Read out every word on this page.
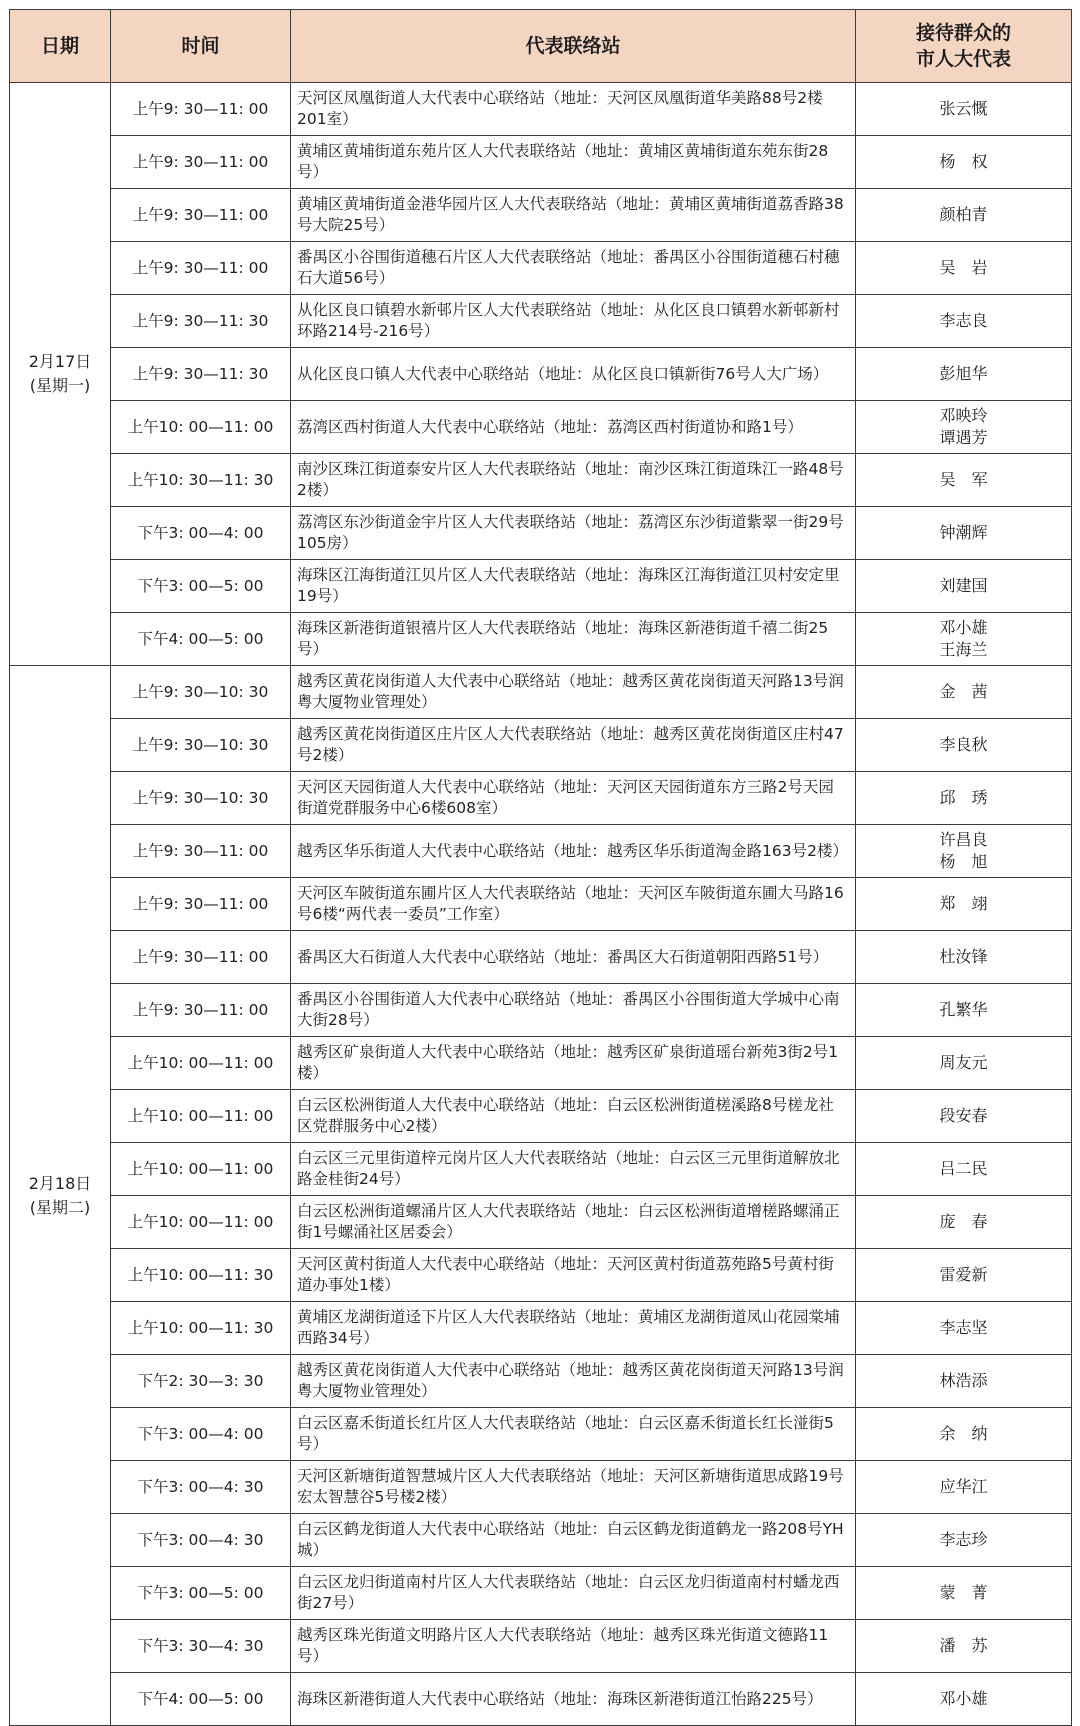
日期	时间	代表联络站	接待群众的
市人大代表
2月17日
(星期一)	上午9: 30—11: 00	天河区凤凰街道人大代表中心联络站（地址：天河区凤凰街道华美路88号2楼201室）	张云慨

	上午9: 30—11: 00	黄埔区黄埔街道东苑片区人大代表联络站（地址：黄埔区黄埔街道东苑东街28号）	杨　权

	上午9: 30—11: 00	黄埔区黄埔街道金港华园片区人大代表联络站（地址：黄埔区黄埔街道荔香路38号大院25号）	颜柏青

	上午9: 30—11: 00	番禺区小谷围街道穗石片区人大代表联络站（地址：番禺区小谷围街道穗石村穗石大道56号）	吴　岩

	上午9: 30—11: 30	从化区良口镇碧水新邨片区人大代表联络站（地址：从化区良口镇碧水新邨新村环路214号-216号）	李志良

	上午9: 30—11: 30	从化区良口镇人大代表中心联络站（地址：从化区良口镇新街76号人大广场）	彭旭华

	上午10: 00—11: 00	荔湾区西村街道人大代表中心联络站（地址：荔湾区西村街道协和路1号）	邓映玲
谭遇芳

	上午10: 30—11: 30	南沙区珠江街道泰安片区人大代表联络站（地址：南沙区珠江街道珠江一路48号2楼）	吴　军

	下午3: 00—4: 00	荔湾区东沙街道金宇片区人大代表联络站（地址：荔湾区东沙街道紫翠一街29号105房）	钟潮辉

	下午3: 00—5: 00	海珠区江海街道江贝片区人大代表联络站（地址：海珠区江海街道江贝村安定里19号）	刘建国

	下午4: 00—5: 00	海珠区新港街道银禧片区人大代表联络站（地址：海珠区新港街道千禧二街25号）	邓小雄
王海兰

2月18日
(星期二)	上午9: 30—10: 30	越秀区黄花岗街道人大代表中心联络站（地址：越秀区黄花岗街道天河路13号润粤大厦物业管理处）	金　茜

	上午9: 30—10: 30	越秀区黄花岗街道区庄片区人大代表联络站（地址：越秀区黄花岗街道区庄村47号2楼）	李良秋

	上午9: 30—10: 30	天河区天园街道人大代表中心联络站（地址：天河区天园街道东方三路2号天园街道党群服务中心6楼608室）	邱　琇

	上午9: 30—11: 00	越秀区华乐街道人大代表中心联络站（地址：越秀区华乐街道淘金路163号2楼）	许昌良
杨　旭

	上午9: 30—11: 00	天河区车陂街道东圃片区人大代表联络站（地址：天河区车陂街道东圃大马路16号6楼“两代表一委员”工作室）	郑　翊

	上午9: 30—11: 00	番禺区大石街道人大代表中心联络站（地址：番禺区大石街道朝阳西路51号）	杜汝锋

	上午9: 30—11: 00	番禺区小谷围街道人大代表中心联络站（地址：番禺区小谷围街道大学城中心南大街28号）	孔繁华

	上午10: 00—11: 00	越秀区矿泉街道人大代表中心联络站（地址：越秀区矿泉街道瑶台新苑3街2号1楼）	周友元

	上午10: 00—11: 00	白云区松洲街道人大代表中心联络站（地址：白云区松洲街道槎溪路8号槎龙社区党群服务中心2楼）	段安春

	上午10: 00—11: 00	白云区三元里街道梓元岗片区人大代表联络站（地址：白云区三元里街道解放北路金桂街24号）	吕二民

	上午10: 00—11: 00	白云区松洲街道螺涌片区人大代表联络站（地址：白云区松洲街道增槎路螺涌正街1号螺涌社区居委会）	庞　春

	上午10: 00—11: 30	天河区黄村街道人大代表中心联络站（地址：天河区黄村街道荔苑路5号黄村街道办事处1楼）	雷爱新

	上午10: 00—11: 30	黄埔区龙湖街道迳下片区人大代表联络站（地址：黄埔区龙湖街道凤山花园棠埔西路34号）	李志坚

	下午2: 30—3: 30	越秀区黄花岗街道人大代表中心联络站（地址：越秀区黄花岗街道天河路13号润粤大厦物业管理处）	林浩添

	下午3: 00—4: 00	白云区嘉禾街道长红片区人大代表联络站（地址：白云区嘉禾街道长红长湴街5号）	余　纳

	下午3: 00—4: 30	天河区新塘街道智慧城片区人大代表联络站（地址：天河区新塘街道思成路19号宏太智慧谷5号楼2楼）	应华江

	下午3: 00—4: 30	白云区鹤龙街道人大代表中心联络站（地址：白云区鹤龙街道鹤龙一路208号YH城）	李志珍

	下午3: 00—5: 00	白云区龙归街道南村片区人大代表联络站（地址：白云区龙归街道南村村蟠龙西街27号）	蒙　菁

	下午3: 30—4: 30	越秀区珠光街道文明路片区人大代表联络站（地址：越秀区珠光街道文德路11号）	潘　苏

	下午4: 00—5: 00	海珠区新港街道人大代表中心联络站（地址：海珠区新港街道江怡路225号）	邓小雄
